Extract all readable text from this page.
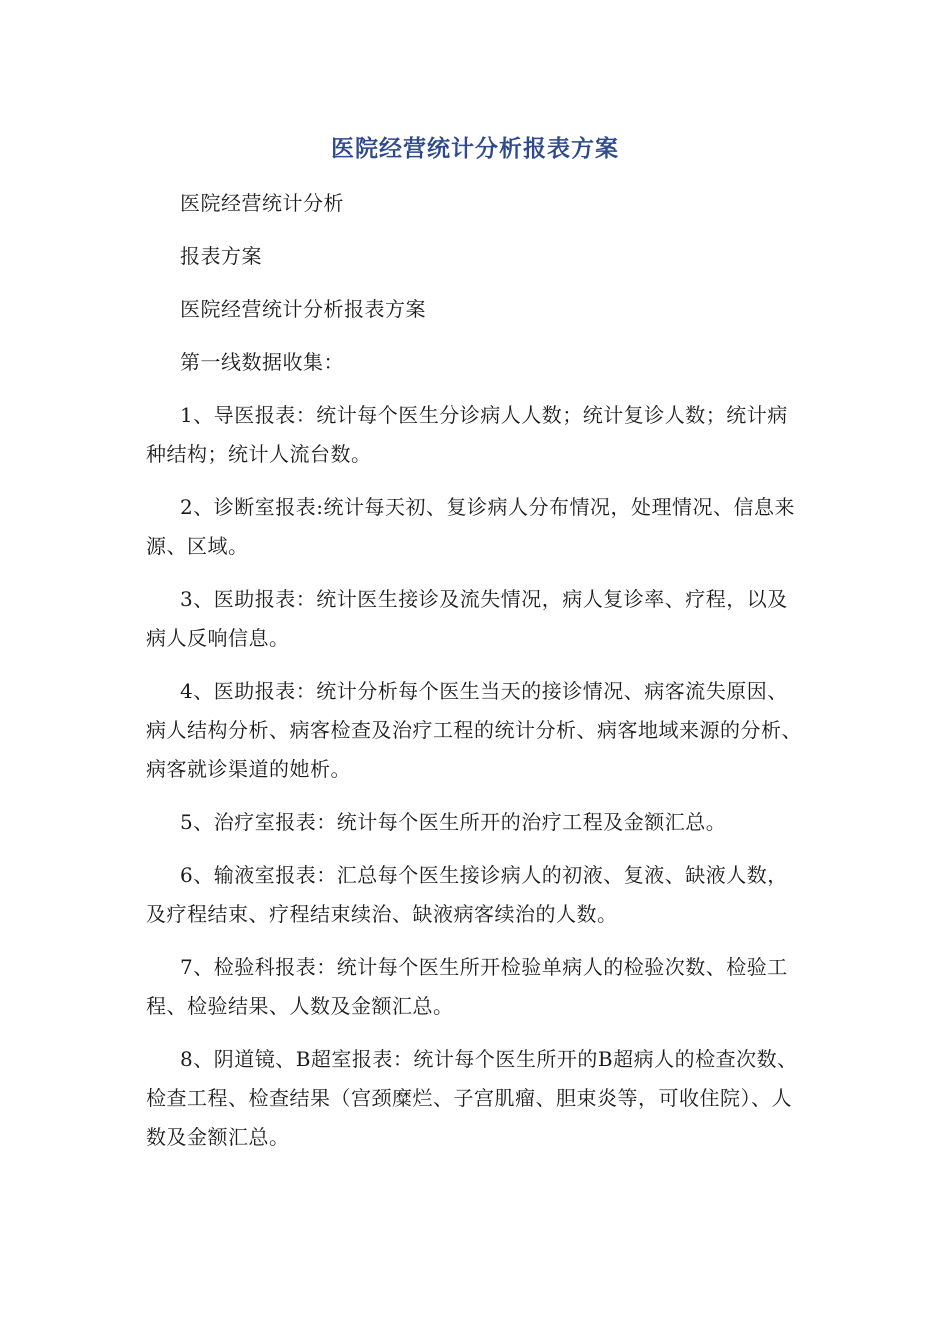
医院经营统计分析报表方案

医院经营统计分析

报表方案

医院经营统计分析报表方案

第一线数据收集：

1、导医报表：统计每个医生分诊病人人数；统计复诊人数；统计病种结构；统计人流台数。

2、诊断室报表:统计每天初、复诊病人分布情况，处理情况、信息来源、区域。

3、医助报表：统计医生接诊及流失情况，病人复诊率、疗程，以及病人反响信息。

4、医助报表：统计分析每个医生当天的接诊情况、病客流失原因、病人结构分析、病客检查及治疗工程的统计分析、病客地域来源的分析、病客就诊渠道的她析。

5、治疗室报表：统计每个医生所开的治疗工程及金额汇总。

6、输液室报表：汇总每个医生接诊病人的初液、复液、缺液人数，及疗程结束、疗程结束续治、缺液病客续治的人数。

7、检验科报表：统计每个医生所开检验单病人的检验次数、检验工程、检验结果、人数及金额汇总。

8、阴道镜、B超室报表：统计每个医生所开的B超病人的检查次数、检查工程、检查结果（宫颈糜烂、子宫肌瘤、胆束炎等，可收住院）、人数及金额汇总。
